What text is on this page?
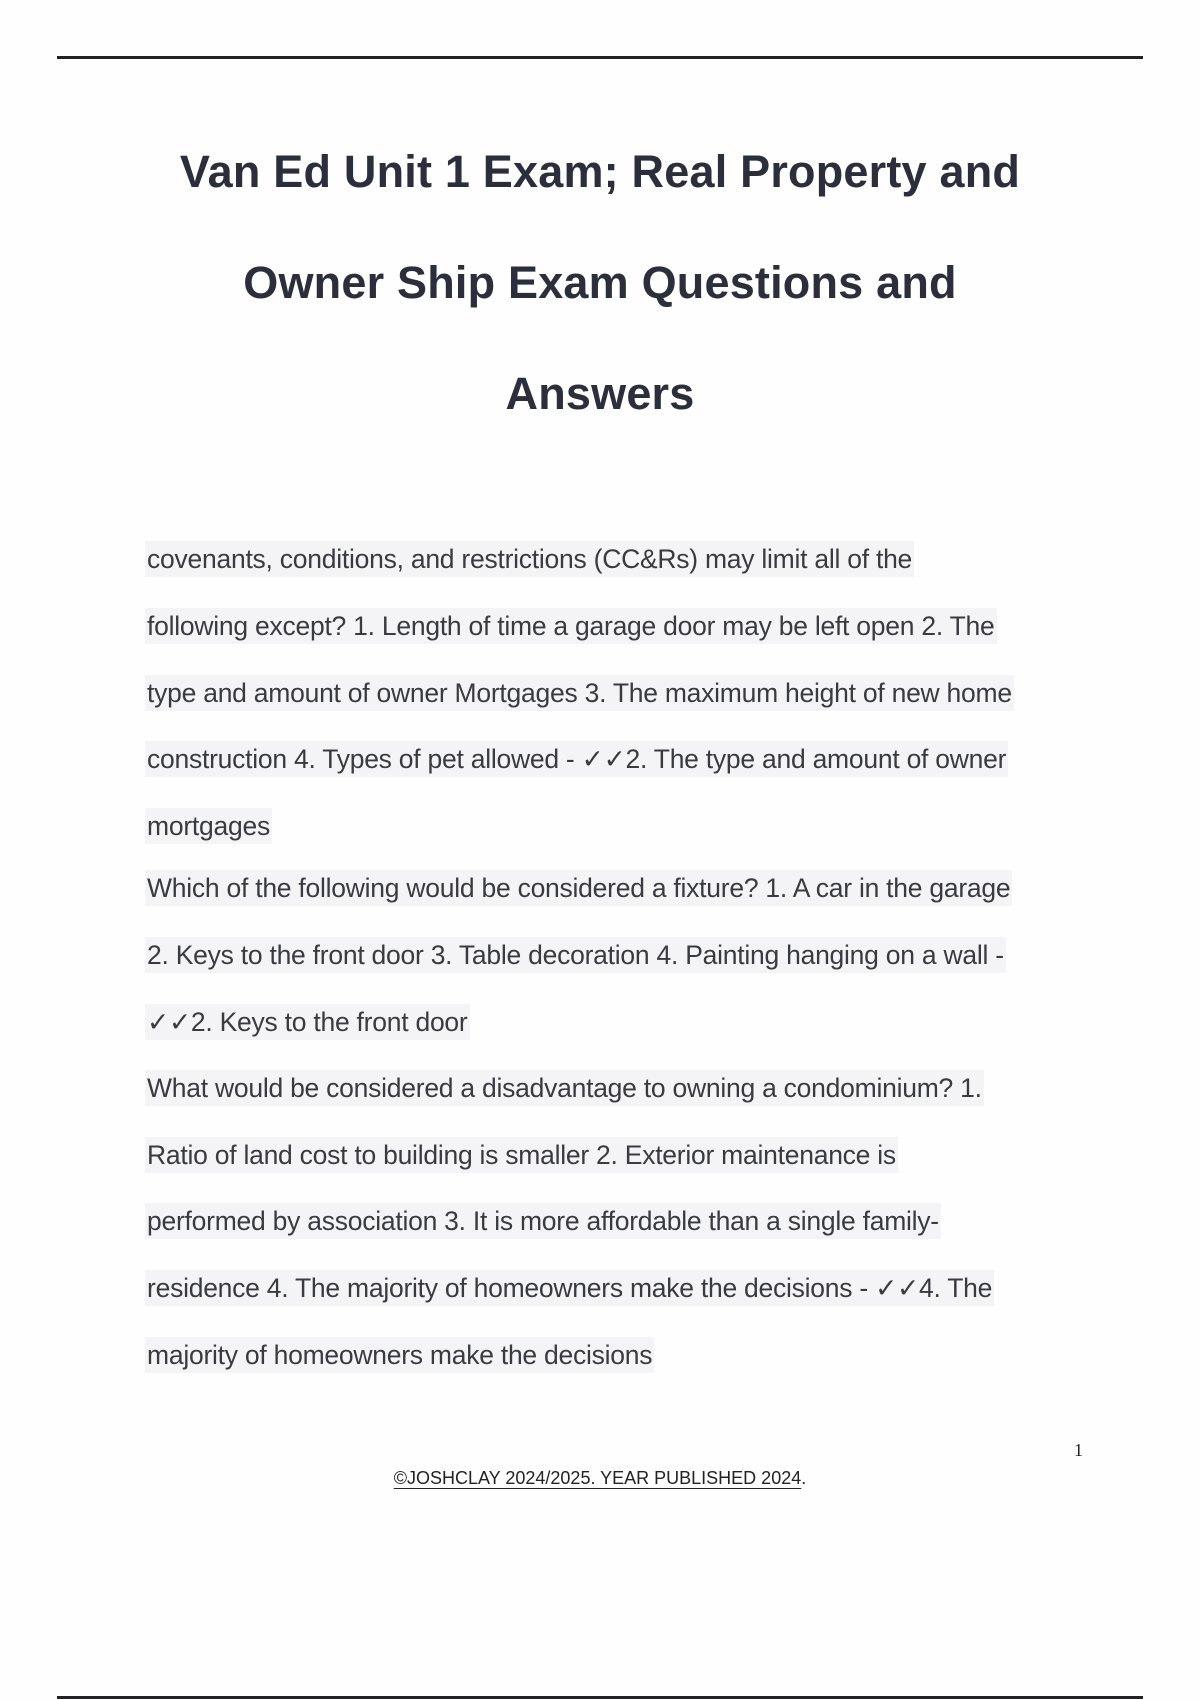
Van Ed Unit 1 Exam; Real Property and
Owner Ship Exam Questions and
Answers
covenants, conditions, and restrictions (CC&Rs) may limit all of the
following except? 1. Length of time a garage door may be left open 2. The
type and amount of owner Mortgages 3. The maximum height of new home
construction 4. Types of pet allowed - ✓✓2. The type and amount of owner
mortgages
Which of the following would be considered a fixture? 1. A car in the garage
2. Keys to the front door 3. Table decoration 4. Painting hanging on a wall -
✓✓2. Keys to the front door
What would be considered a disadvantage to owning a condominium? 1.
Ratio of land cost to building is smaller 2. Exterior maintenance is
performed by association 3. It is more affordable than a single family-
residence 4. The majority of homeowners make the decisions - ✓✓4. The
majority of homeowners make the decisions
1
©JOSHCLAY 2024/2025. YEAR PUBLISHED 2024.
